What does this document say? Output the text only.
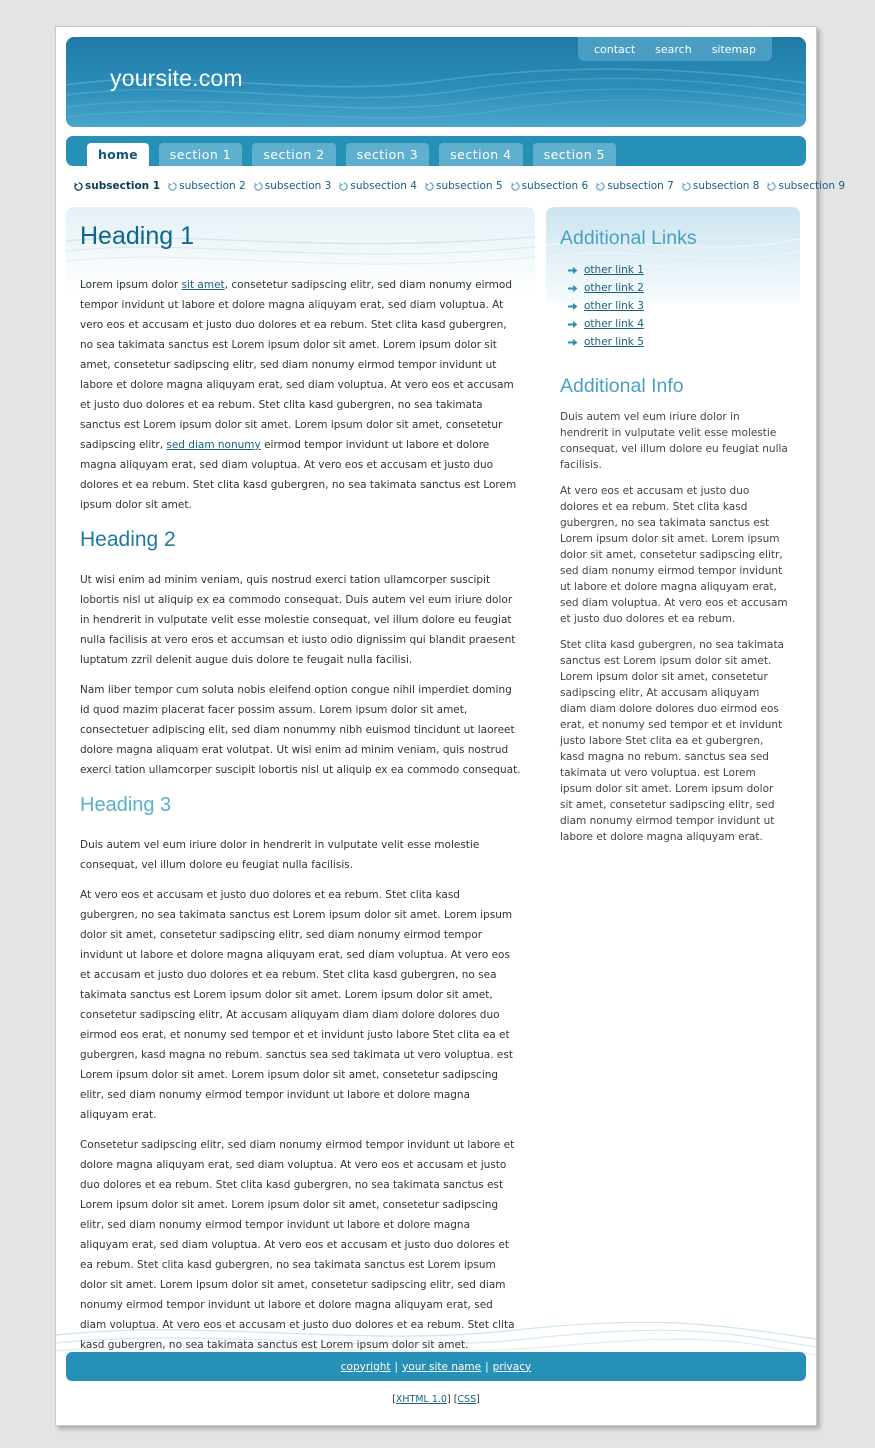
yoursite.com
contact	search	sitemap
home	section 1	section 2	section 3	section 4	section 5
subsection 1 subsection 2 subsection 3 subsection 4 subsection 5 subsection 6 subsection 7 subsection 8 subsection 9
Heading 1

Lorem ipsum dolor sit amet, consetetur sadipscing elitr, sed diam nonumy eirmod tempor invidunt ut labore et dolore magna aliquyam erat, sed diam voluptua. At vero eos et accusam et justo duo dolores et ea rebum. Stet clita kasd gubergren, no sea takimata sanctus est Lorem ipsum dolor sit amet. Lorem ipsum dolor sit amet, consetetur sadipscing elitr, sed diam nonumy eirmod tempor invidunt ut labore et dolore magna aliquyam erat, sed diam voluptua. At vero eos et accusam et justo duo dolores et ea rebum. Stet clita kasd gubergren, no sea takimata sanctus est Lorem ipsum dolor sit amet. Lorem ipsum dolor sit amet, consetetur sadipscing elitr, sed diam nonumy eirmod tempor invidunt ut labore et dolore magna aliquyam erat, sed diam voluptua. At vero eos et accusam et justo duo dolores et ea rebum. Stet clita kasd gubergren, no sea takimata sanctus est Lorem ipsum dolor sit amet.

Heading 2

Ut wisi enim ad minim veniam, quis nostrud exerci tation ullamcorper suscipit lobortis nisl ut aliquip ex ea commodo consequat. Duis autem vel eum iriure dolor in hendrerit in vulputate velit esse molestie consequat, vel illum dolore eu feugiat nulla facilisis at vero eros et accumsan et iusto odio dignissim qui blandit praesent luptatum zzril delenit augue duis dolore te feugait nulla facilisi.

Nam liber tempor cum soluta nobis eleifend option congue nihil imperdiet doming id quod mazim placerat facer possim assum. Lorem ipsum dolor sit amet, consectetuer adipiscing elit, sed diam nonummy nibh euismod tincidunt ut laoreet dolore magna aliquam erat volutpat. Ut wisi enim ad minim veniam, quis nostrud exerci tation ullamcorper suscipit lobortis nisl ut aliquip ex ea commodo consequat.

Heading 3

Duis autem vel eum iriure dolor in hendrerit in vulputate velit esse molestie consequat, vel illum dolore eu feugiat nulla facilisis.

At vero eos et accusam et justo duo dolores et ea rebum. Stet clita kasd gubergren, no sea takimata sanctus est Lorem ipsum dolor sit amet. Lorem ipsum dolor sit amet, consetetur sadipscing elitr, sed diam nonumy eirmod tempor invidunt ut labore et dolore magna aliquyam erat, sed diam voluptua. At vero eos et accusam et justo duo dolores et ea rebum. Stet clita kasd gubergren, no sea takimata sanctus est Lorem ipsum dolor sit amet. Lorem ipsum dolor sit amet, consetetur sadipscing elitr, At accusam aliquyam diam diam dolore dolores duo eirmod eos erat, et nonumy sed tempor et et invidunt justo labore Stet clita ea et gubergren, kasd magna no rebum. sanctus sea sed takimata ut vero voluptua. est Lorem ipsum dolor sit amet. Lorem ipsum dolor sit amet, consetetur sadipscing elitr, sed diam nonumy eirmod tempor invidunt ut labore et dolore magna aliquyam erat.

Consetetur sadipscing elitr, sed diam nonumy eirmod tempor invidunt ut labore et dolore magna aliquyam erat, sed diam voluptua. At vero eos et accusam et justo duo dolores et ea rebum. Stet clita kasd gubergren, no sea takimata sanctus est Lorem ipsum dolor sit amet. Lorem ipsum dolor sit amet, consetetur sadipscing elitr, sed diam nonumy eirmod tempor invidunt ut labore et dolore magna aliquyam erat, sed diam voluptua. At vero eos et accusam et justo duo dolores et ea rebum. Stet clita kasd gubergren, no sea takimata sanctus est Lorem ipsum dolor sit amet. Lorem ipsum dolor sit amet, consetetur sadipscing elitr, sed diam nonumy eirmod tempor invidunt ut labore et dolore magna aliquyam erat, sed diam voluptua. At vero eos et accusam et justo duo dolores et ea rebum. Stet clita kasd gubergren, no sea takimata sanctus est Lorem ipsum dolor sit amet.

Additional Links
other link 1
other link 2
other link 3
other link 4
other link 5
Additional Info

Duis autem vel eum iriure dolor in hendrerit in vulputate velit esse molestie consequat, vel illum dolore eu feugiat nulla facilisis.

At vero eos et accusam et justo duo dolores et ea rebum. Stet clita kasd gubergren, no sea takimata sanctus est Lorem ipsum dolor sit amet. Lorem ipsum dolor sit amet, consetetur sadipscing elitr, sed diam nonumy eirmod tempor invidunt ut labore et dolore magna aliquyam erat, sed diam voluptua. At vero eos et accusam et justo duo dolores et ea rebum.

Stet clita kasd gubergren, no sea takimata sanctus est Lorem ipsum dolor sit amet. Lorem ipsum dolor sit amet, consetetur sadipscing elitr, At accusam aliquyam diam diam dolore dolores duo eirmod eos erat, et nonumy sed tempor et et invidunt justo labore Stet clita ea et gubergren, kasd magna no rebum. sanctus sea sed takimata ut vero voluptua. est Lorem ipsum dolor sit amet. Lorem ipsum dolor sit amet, consetetur sadipscing elitr, sed diam nonumy eirmod tempor invidunt ut labore et dolore magna aliquyam erat.

copyright | your site name | privacy
[XHTML 1.0] [CSS]
